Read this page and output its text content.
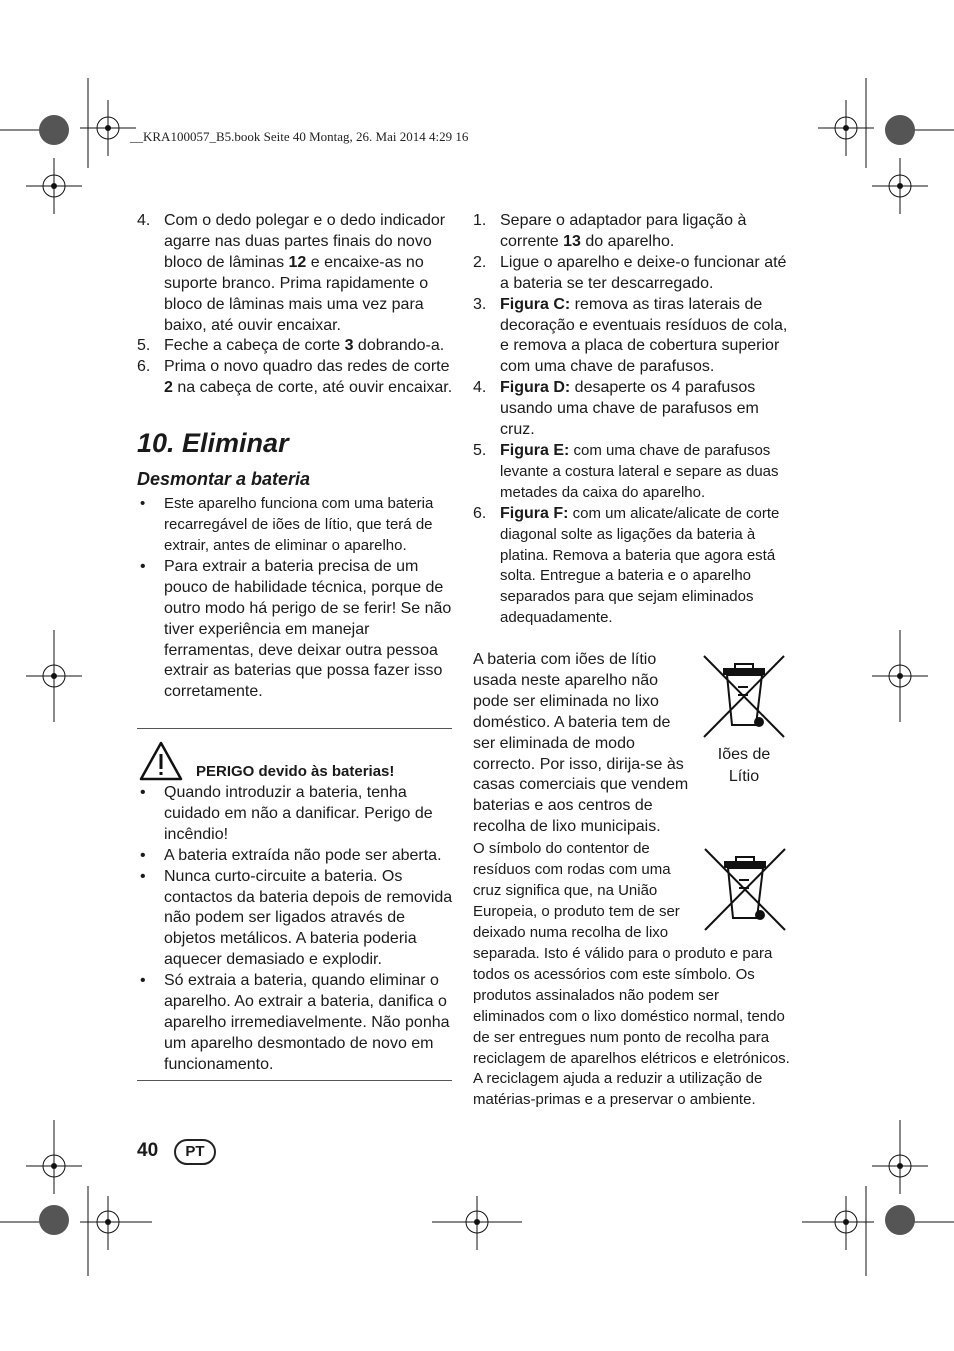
__KRA100057_B5.book Seite 40 Montag, 26. Mai 2014 4:29 16
4. Com o dedo polegar e o dedo indicador agarre nas duas partes finais do novo bloco de lâminas 12 e encaixe-as no suporte branco. Prima rapidamente o bloco de lâminas mais uma vez para baixo, até ouvir encaixar.
5. Feche a cabeça de corte 3 dobrando-a.
6. Prima o novo quadro das redes de corte 2 na cabeça de corte, até ouvir encaixar.
10. Eliminar
Desmontar a bateria
• Este aparelho funciona com uma bateria recarregável de iões de lítio, que terá de extrair, antes de eliminar o aparelho.
• Para extrair a bateria precisa de um pouco de habilidade técnica, porque de outro modo há perigo de se ferir! Se não tiver experiência em manejar ferramentas, deve deixar outra pessoa extrair as baterias que possa fazer isso corretamente.
PERIGO devido às baterias!
• Quando introduzir a bateria, tenha cuidado em não a danificar. Perigo de incêndio!
• A bateria extraída não pode ser aberta.
• Nunca curto-circuite a bateria. Os contactos da bateria depois de removida não podem ser ligados através de objetos metálicos. A bateria poderia aquecer demasiado e explodir.
• Só extraia a bateria, quando eliminar o aparelho. Ao extrair a bateria, danifica o aparelho irremediavelmente. Não ponha um aparelho desmontado de novo em funcionamento.
1. Separe o adaptador para ligação à corrente 13 do aparelho.
2. Ligue o aparelho e deixe-o funcionar até a bateria se ter descarregado.
3. Figura C: remova as tiras laterais de decoração e eventuais resíduos de cola, e remova a placa de cobertura superior com uma chave de parafusos.
4. Figura D: desaperte os 4 parafusos usando uma chave de parafusos em cruz.
5. Figura E: com uma chave de parafusos levante a costura lateral e separe as duas metades da caixa do aparelho.
6. Figura F: com um alicate/alicate de corte diagonal solte as ligações da bateria à platina. Remova a bateria que agora está solta. Entregue a bateria e o aparelho separados para que sejam eliminados adequadamente.
A bateria com iões de lítio usada neste aparelho não pode ser eliminada no lixo doméstico. A bateria tem de ser eliminada de modo correcto. Por isso, dirija-se às casas comerciais que vendem baterias e aos centros de recolha de lixo municipais.
Iões de
Lítio
O símbolo do contentor de resíduos com rodas com uma cruz significa que, na União Europeia, o produto tem de ser deixado numa recolha de lixo
separada. Isto é válido para o produto e para todos os acessórios com este símbolo. Os produtos assinalados não podem ser eliminados com o lixo doméstico normal, tendo de ser entregues num ponto de recolha para reciclagem de aparelhos elétricos e eletrónicos. A reciclagem ajuda a reduzir a utilização de matérias-primas e a preservar o ambiente.
40	PT
